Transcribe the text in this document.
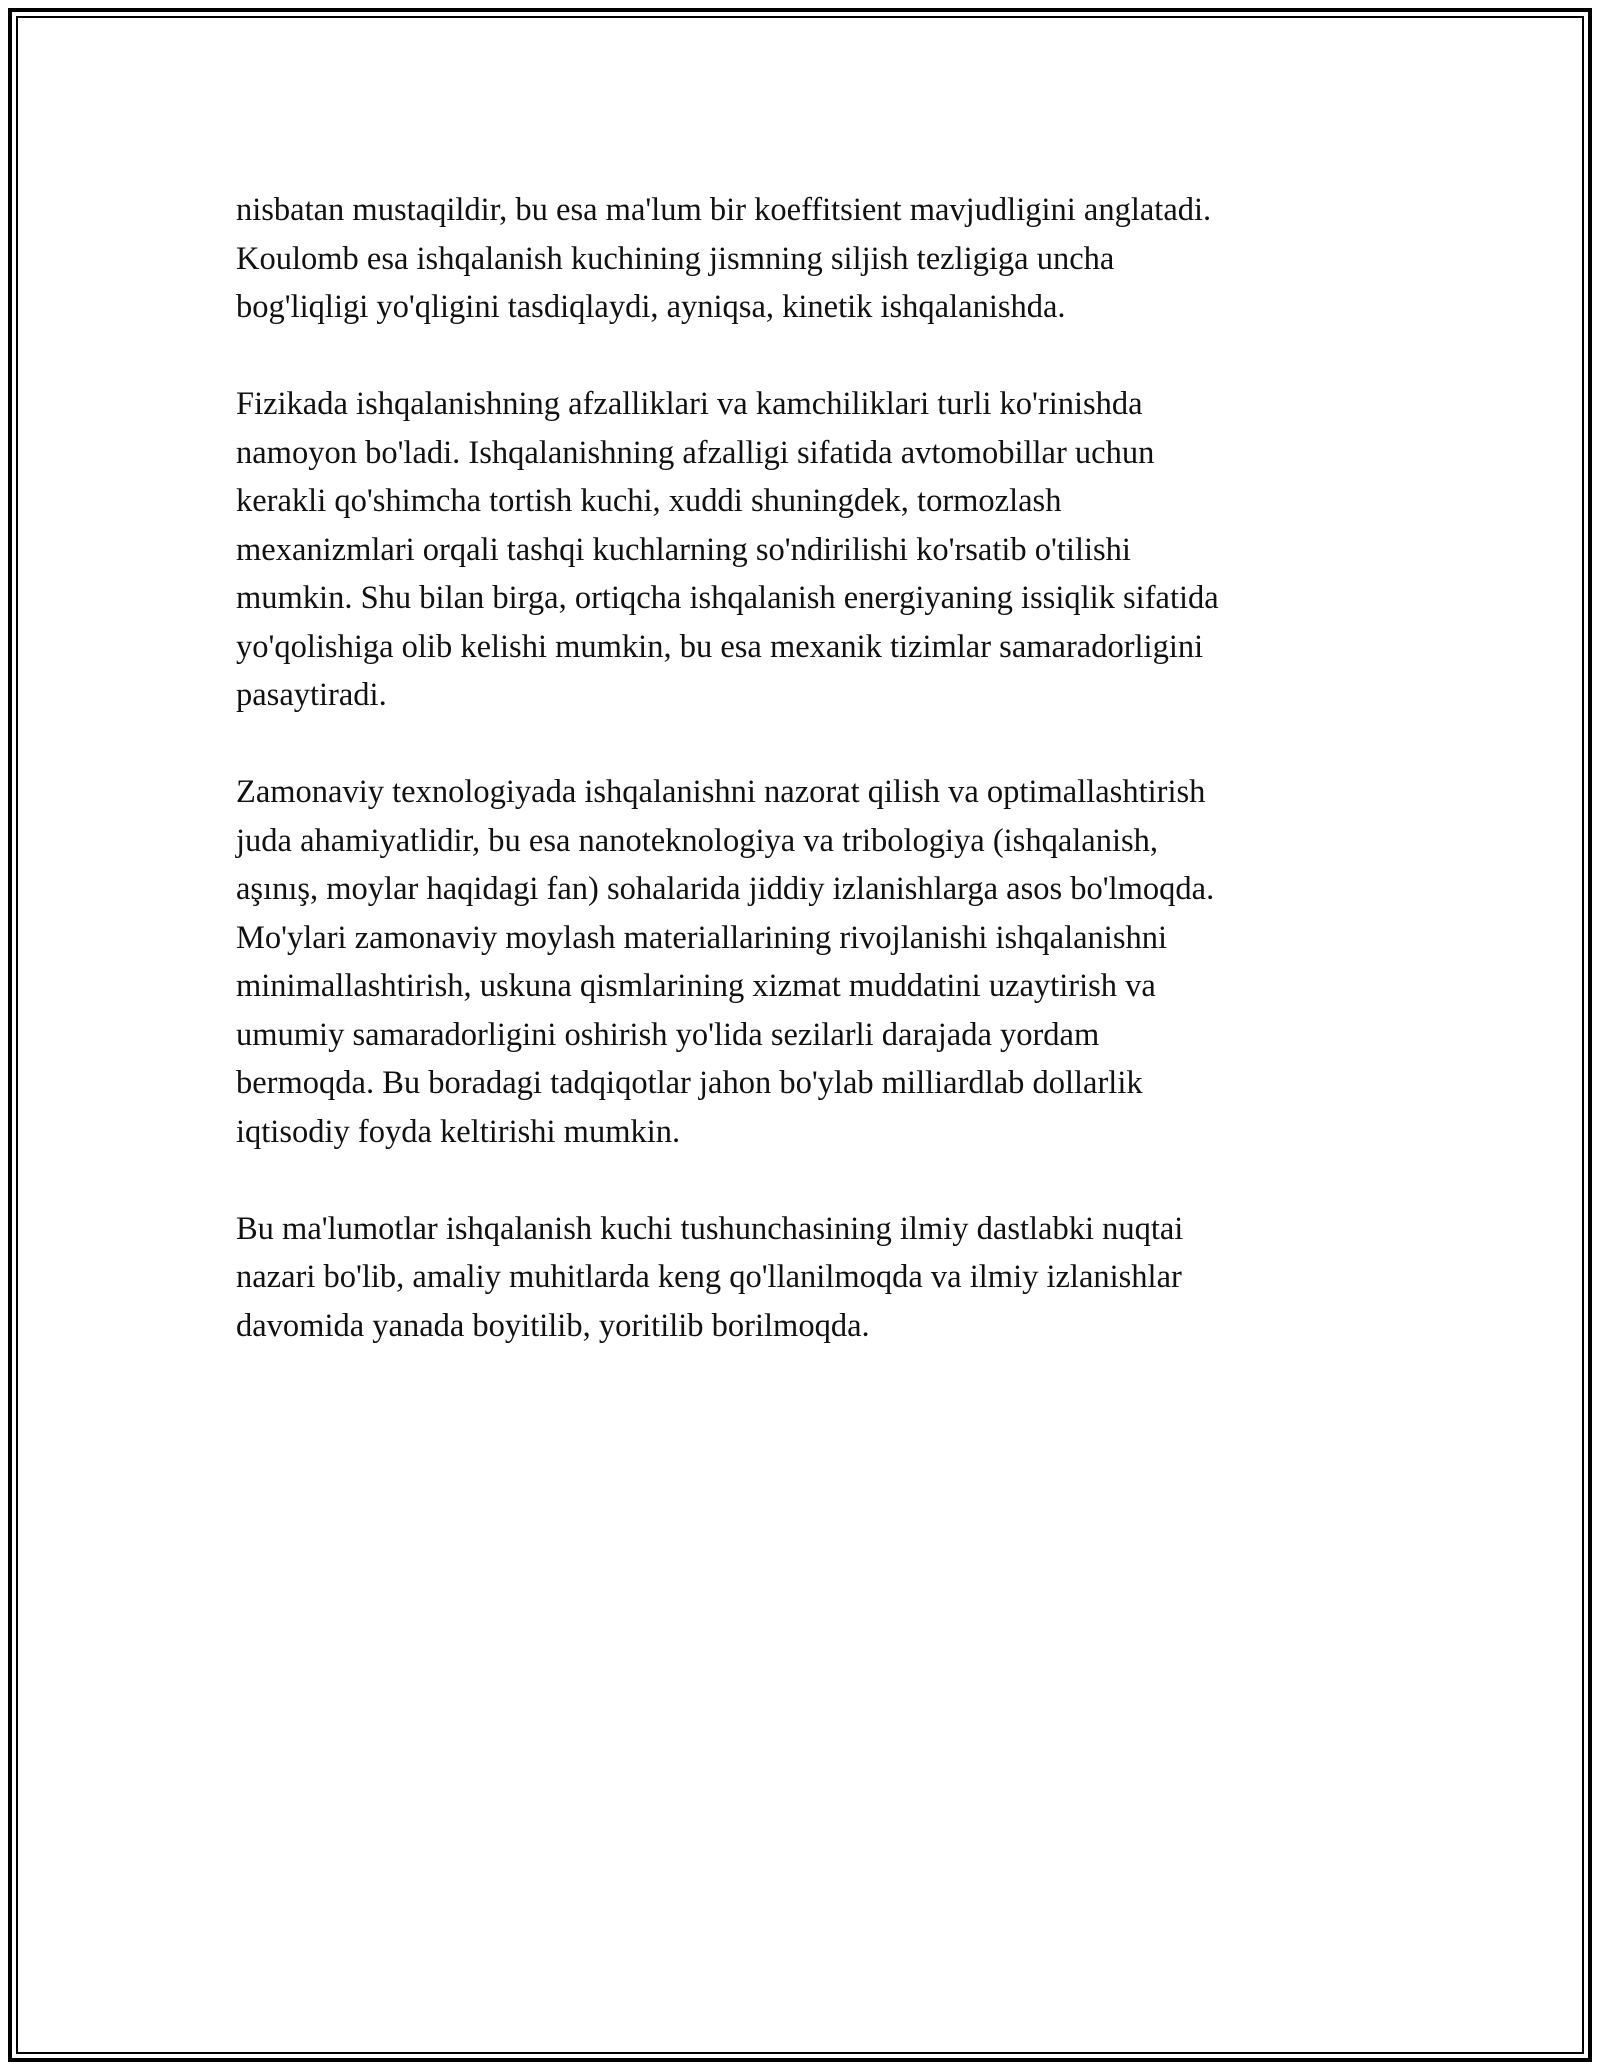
nisbatan mustaqildir, bu esa ma'lum bir koeffitsient mavjudligini anglatadi.
Koulomb esa ishqalanish kuchining jismning siljish tezligiga uncha
bog'liqligi yo'qligini tasdiqlaydi, ayniqsa, kinetik ishqalanishda.

Fizikada ishqalanishning afzalliklari va kamchiliklari turli ko'rinishda
namoyon bo'ladi. Ishqalanishning afzalligi sifatida avtomobillar uchun
kerakli qo'shimcha tortish kuchi, xuddi shuningdek, tormozlash
mexanizmlari orqali tashqi kuchlarning so'ndirilishi ko'rsatib o'tilishi
mumkin. Shu bilan birga, ortiqcha ishqalanish energiyaning issiqlik sifatida
yo'qolishiga olib kelishi mumkin, bu esa mexanik tizimlar samaradorligini
pasaytiradi.

Zamonaviy texnologiyada ishqalanishni nazorat qilish va optimallashtirish
juda ahamiyatlidir, bu esa nanoteknologiya va tribologiya (ishqalanish,
aşınış, moylar haqidagi fan) sohalarida jiddiy izlanishlarga asos bo'lmoqda.
Mo'ylari zamonaviy moylash materiallarining rivojlanishi ishqalanishni
minimallashtirish, uskuna qismlarining xizmat muddatini uzaytirish va
umumiy samaradorligini oshirish yo'lida sezilarli darajada yordam
bermoqda. Bu boradagi tadqiqotlar jahon bo'ylab milliardlab dollarlik
iqtisodiy foyda keltirishi mumkin.

Bu ma'lumotlar ishqalanish kuchi tushunchasining ilmiy dastlabki nuqtai
nazari bo'lib, amaliy muhitlarda keng qo'llanilmoqda va ilmiy izlanishlar
davomida yanada boyitilib, yoritilib borilmoqda.
